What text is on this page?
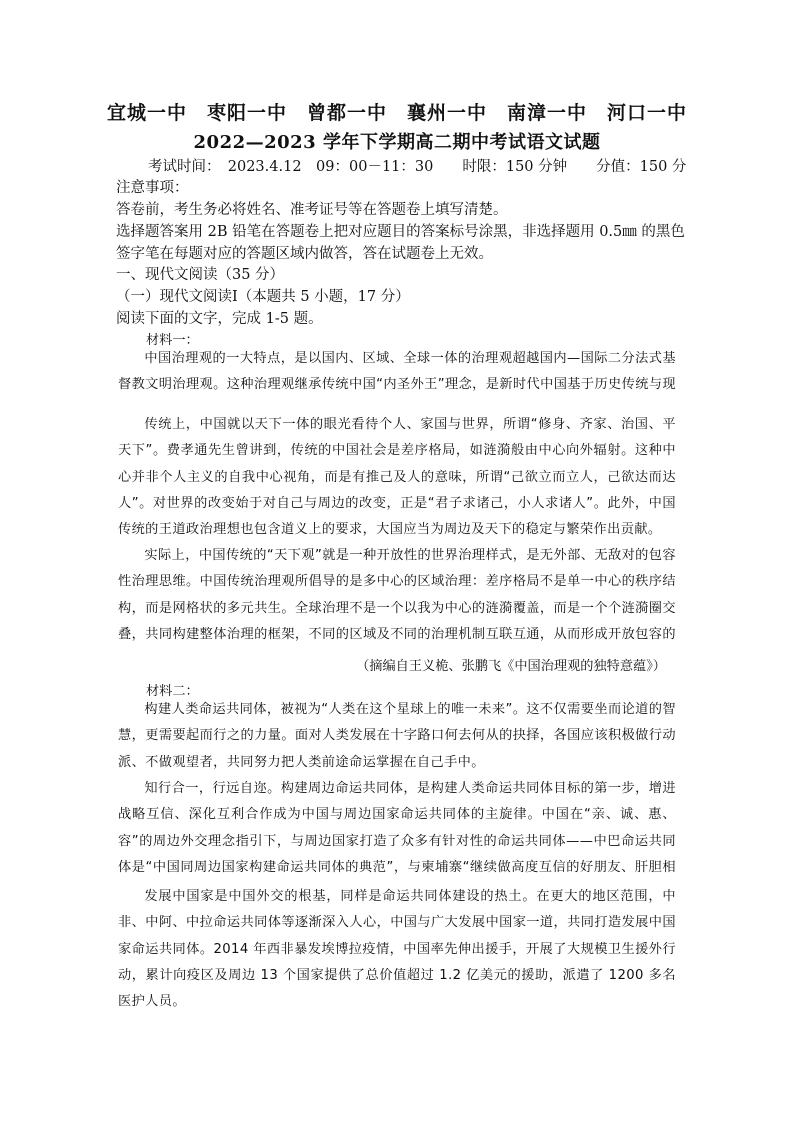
宜城一中　枣阳一中　曾都一中　襄州一中　南漳一中　河口一中
2022—2023 学年下学期高二期中考试语文试题
考试时间：　2023.4.12　09：00－11：30　　时限：150 分钟　　分值：150 分
注意事项：
答卷前，考生务必将姓名、准考证号等在答题卷上填写清楚。
选择题答案用 2B 铅笔在答题卷上把对应题目的答案标号涂黑，非选择题用 0.5㎜ 的黑色
签字笔在每题对应的答题区域内做答，答在试题卷上无效。
一、现代文阅读（35 分）
（一）现代文阅读Ⅰ（本题共 5 小题，17 分）
阅读下面的文字，完成 1-5 题。
材料一：
中国治理观的一大特点，是以国内、区域、全球一体的治理观超越国内—国际二分法式基督教文明治理观。这种治理观继承传统中国“内圣外王”理念，是新时代中国基于历史传统与现
传统上，中国就以天下一体的眼光看待个人、家国与世界，所谓“修身、齐家、治国、平天下”。费孝通先生曾讲到，传统的中国社会是差序格局，如涟漪般由中心向外辐射。这种中心并非个人主义的自我中心视角，而是有推己及人的意味，所谓“己欲立而立人，己欲达而达人”。对世界的改变始于对自己与周边的改变，正是“君子求诸己，小人求诸人”。此外，中国传统的王道政治理想也包含道义上的要求，大国应当为周边及天下的稳定与繁荣作出贡献。
实际上，中国传统的“天下观”就是一种开放性的世界治理样式，是无外部、无敌对的包容性治理思维。中国传统治理观所倡导的是多中心的区域治理：差序格局不是单一中心的秩序结构，而是网格状的多元共生。全球治理不是一个以我为中心的涟漪覆盖，而是一个个涟漪圈交叠，共同构建整体治理的框架，不同的区域及不同的治理机制互联互通，从而形成开放包容的
（摘编自王义桅、张鹏飞《中国治理观的独特意蕴》）
材料二：
构建人类命运共同体，被视为“人类在这个星球上的唯一未来”。这不仅需要坐而论道的智慧，更需要起而行之的力量。面对人类发展在十字路口何去何从的抉择，各国应该积极做行动派、不做观望者，共同努力把人类前途命运掌握在自己手中。
知行合一，行远自迩。构建周边命运共同体，是构建人类命运共同体目标的第一步，增进战略互信、深化互利合作成为中国与周边国家命运共同体的主旋律。中国在“亲、诚、惠、容”的周边外交理念指引下，与周边国家打造了众多有针对性的命运共同体——中巴命运共同体是“中国同周边国家构建命运共同体的典范”，与柬埔寨“继续做高度互信的好朋友、肝胆相
发展中国家是中国外交的根基，同样是命运共同体建设的热土。在更大的地区范围，中非、中阿、中拉命运共同体等逐渐深入人心，中国与广大发展中国家一道，共同打造发展中国家命运共同体。2014 年西非暴发埃博拉疫情，中国率先伸出援手，开展了大规模卫生援外行动，累计向疫区及周边 13 个国家提供了总价值超过 1.2 亿美元的援助，派遣了 1200 多名医护人员。
